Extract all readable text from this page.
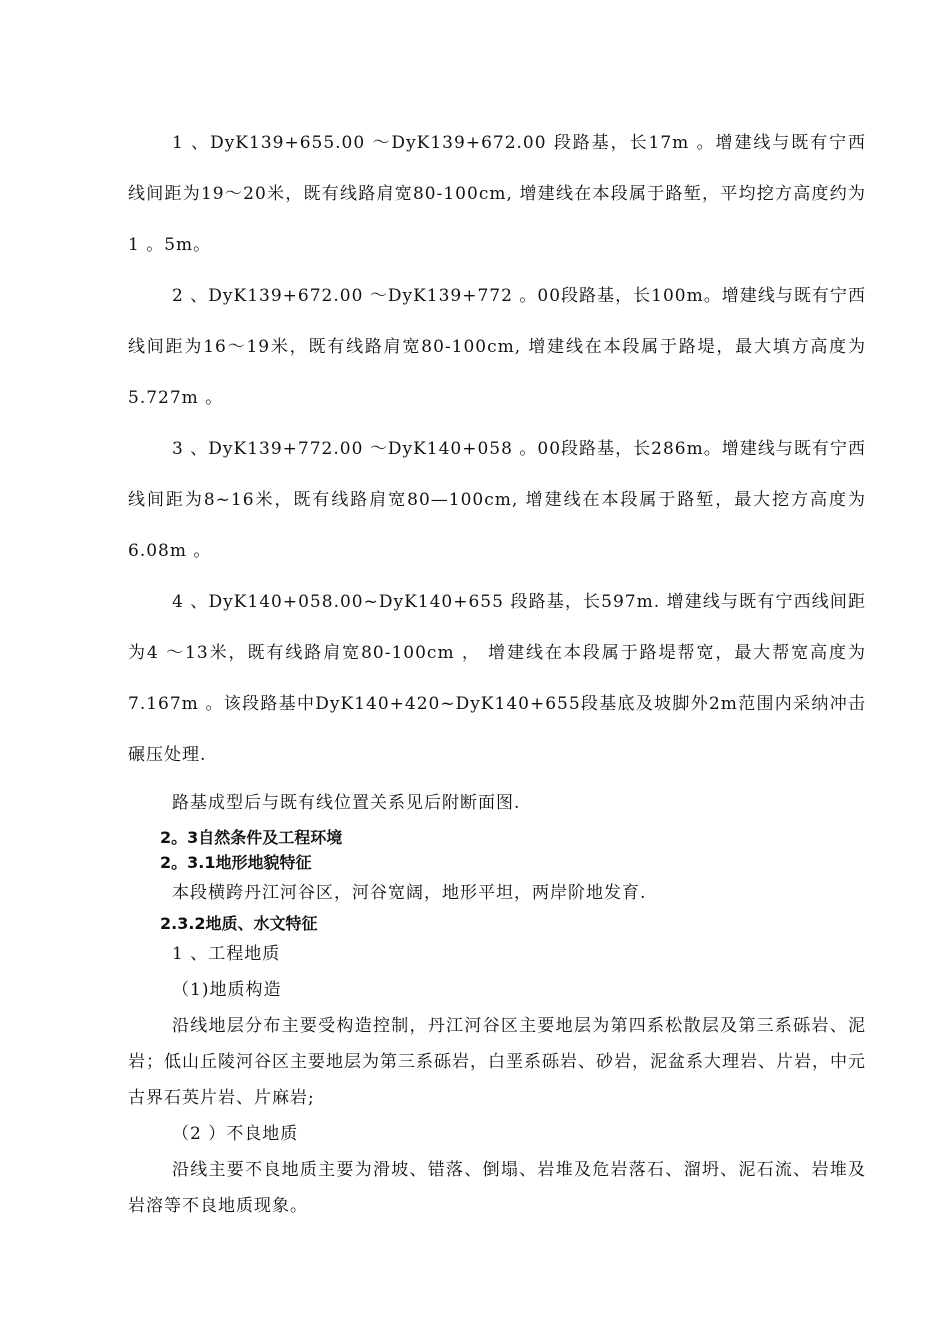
1 、DyK139+655.00 ～DyK139+672.00 段路基，长17m 。增建线与既有宁西线间距为19～20米，既有线路肩宽80-100cm, 增建线在本段属于路堑，平均挖方高度约为1 。5m。

2 、DyK139+672.00 ～DyK139+772 。00段路基，长100m。增建线与既有宁西线间距为16～19米，既有线路肩宽80-100cm, 增建线在本段属于路堤，最大填方高度为5.727m 。

3 、DyK139+772.00 ～DyK140+058 。00段路基，长286m。增建线与既有宁西线间距为8~16米，既有线路肩宽80—100cm, 增建线在本段属于路堑，最大挖方高度为6.08m 。

4 、DyK140+058.00~DyK140+655 段路基，长597m. 增建线与既有宁西线间距为4 ～13米，既有线路肩宽80-100cm ， 增建线在本段属于路堤帮宽，最大帮宽高度为7.167m 。该段路基中DyK140+420~DyK140+655段基底及坡脚外2m范围内采纳冲击碾压处理.

路基成型后与既有线位置关系见后附断面图.

2。3自然条件及工程环境
2。3.1地形地貌特征

本段横跨丹江河谷区，河谷宽阔，地形平坦，两岸阶地发育.

2.3.2地质、水文特征

1 、工程地质

（1)地质构造

沿线地层分布主要受构造控制，丹江河谷区主要地层为第四系松散层及第三系砾岩、泥岩；低山丘陵河谷区主要地层为第三系砾岩，白垩系砾岩、砂岩，泥盆系大理岩、片岩，中元古界石英片岩、片麻岩;

（2 ）不良地质

沿线主要不良地质主要为滑坡、错落、倒塌、岩堆及危岩落石、溜坍、泥石流、岩堆及岩溶等不良地质现象。
